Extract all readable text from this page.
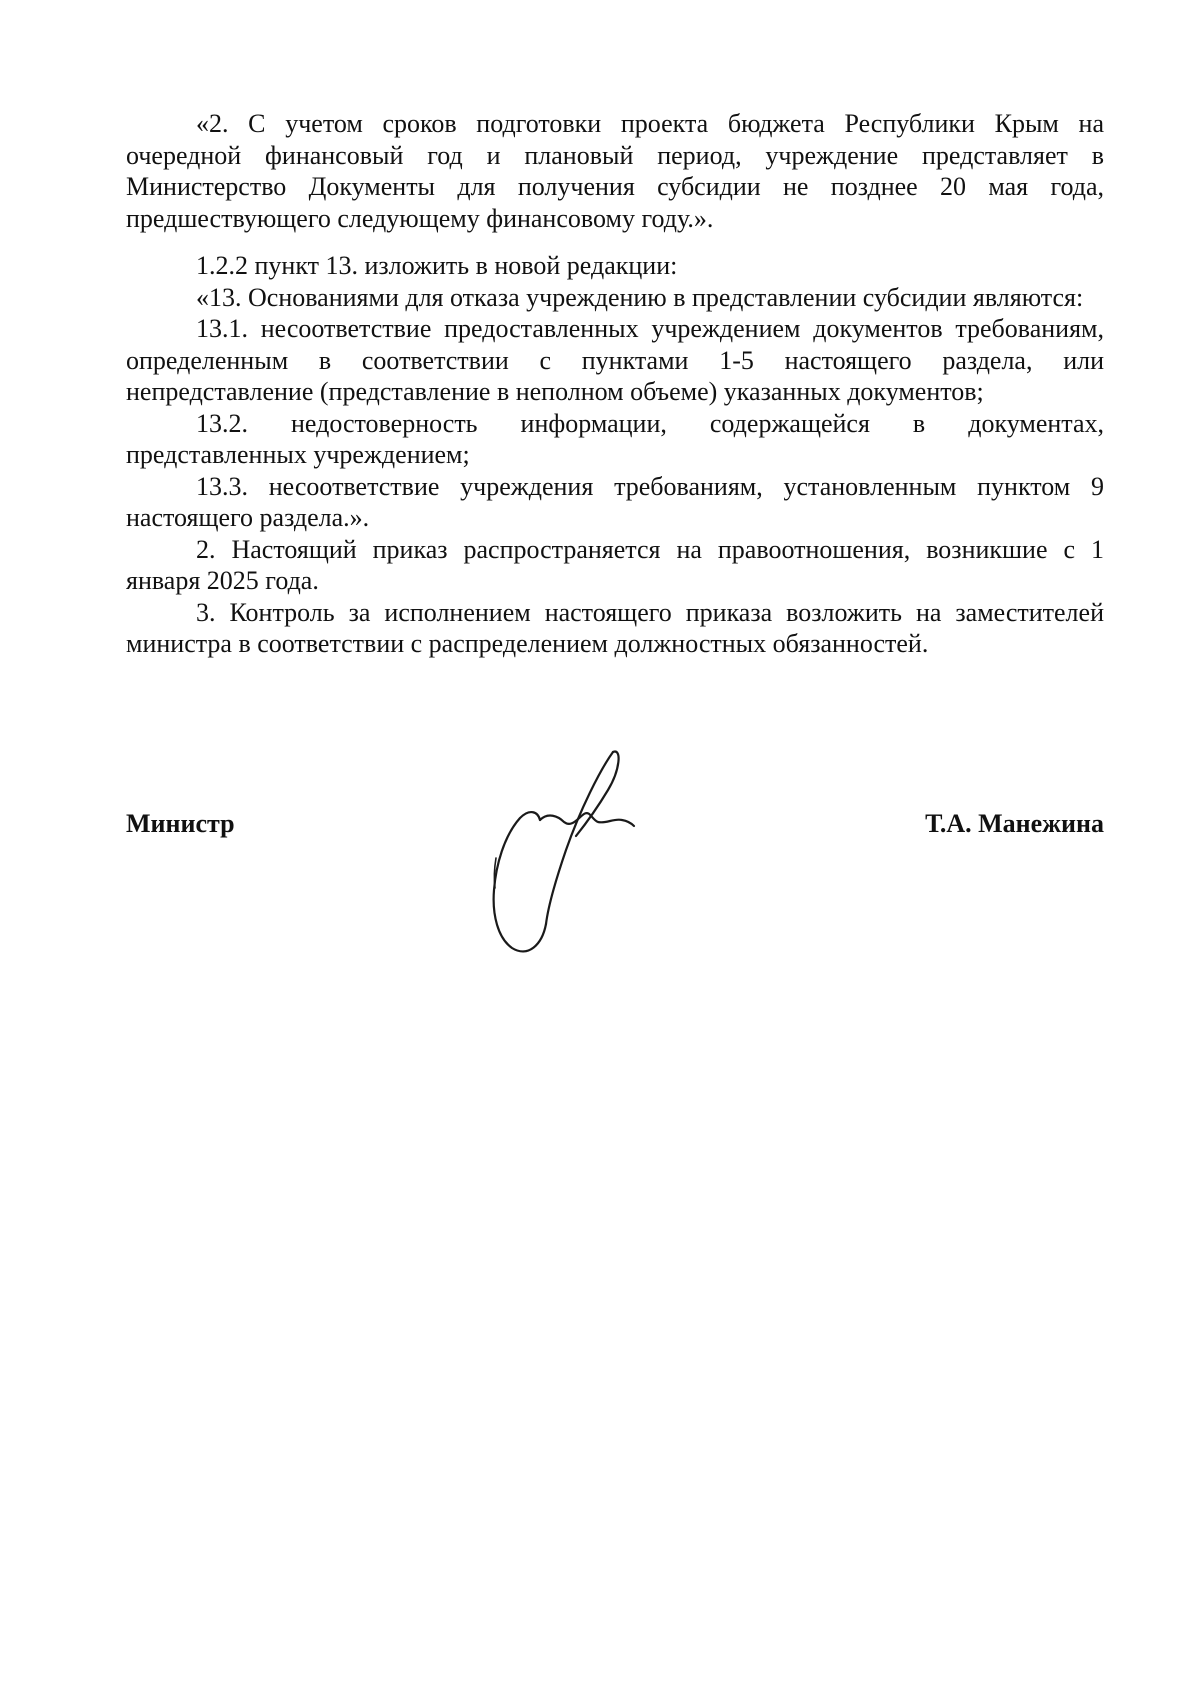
«2. С учетом сроков подготовки проекта бюджета Республики Крым на очередной финансовый год и плановый период, учреждение представляет в Министерство Документы для получения субсидии не позднее 20 мая года, предшествующего следующему финансовому году.».

1.2.2 пункт 13. изложить в новой редакции:

«13. Основаниями для отказа учреждению в представлении субсидии являются:

13.1. несоответствие предоставленных учреждением документов требованиям, определенным в соответствии с пунктами 1-5 настоящего раздела, или непредставление (представление в неполном объеме) указанных документов;

13.2. недостоверность информации, содержащейся в документах, представленных учреждением;

13.3. несоответствие учреждения требованиям, установленным пунктом 9 настоящего раздела.».

2. Настоящий приказ распространяется на правоотношения, возникшие с 1 января 2025 года.

3. Контроль за исполнением настоящего приказа возложить на заместителей министра в соответствии с распределением должностных обязанностей.

Министр	Т.А. Манежина
